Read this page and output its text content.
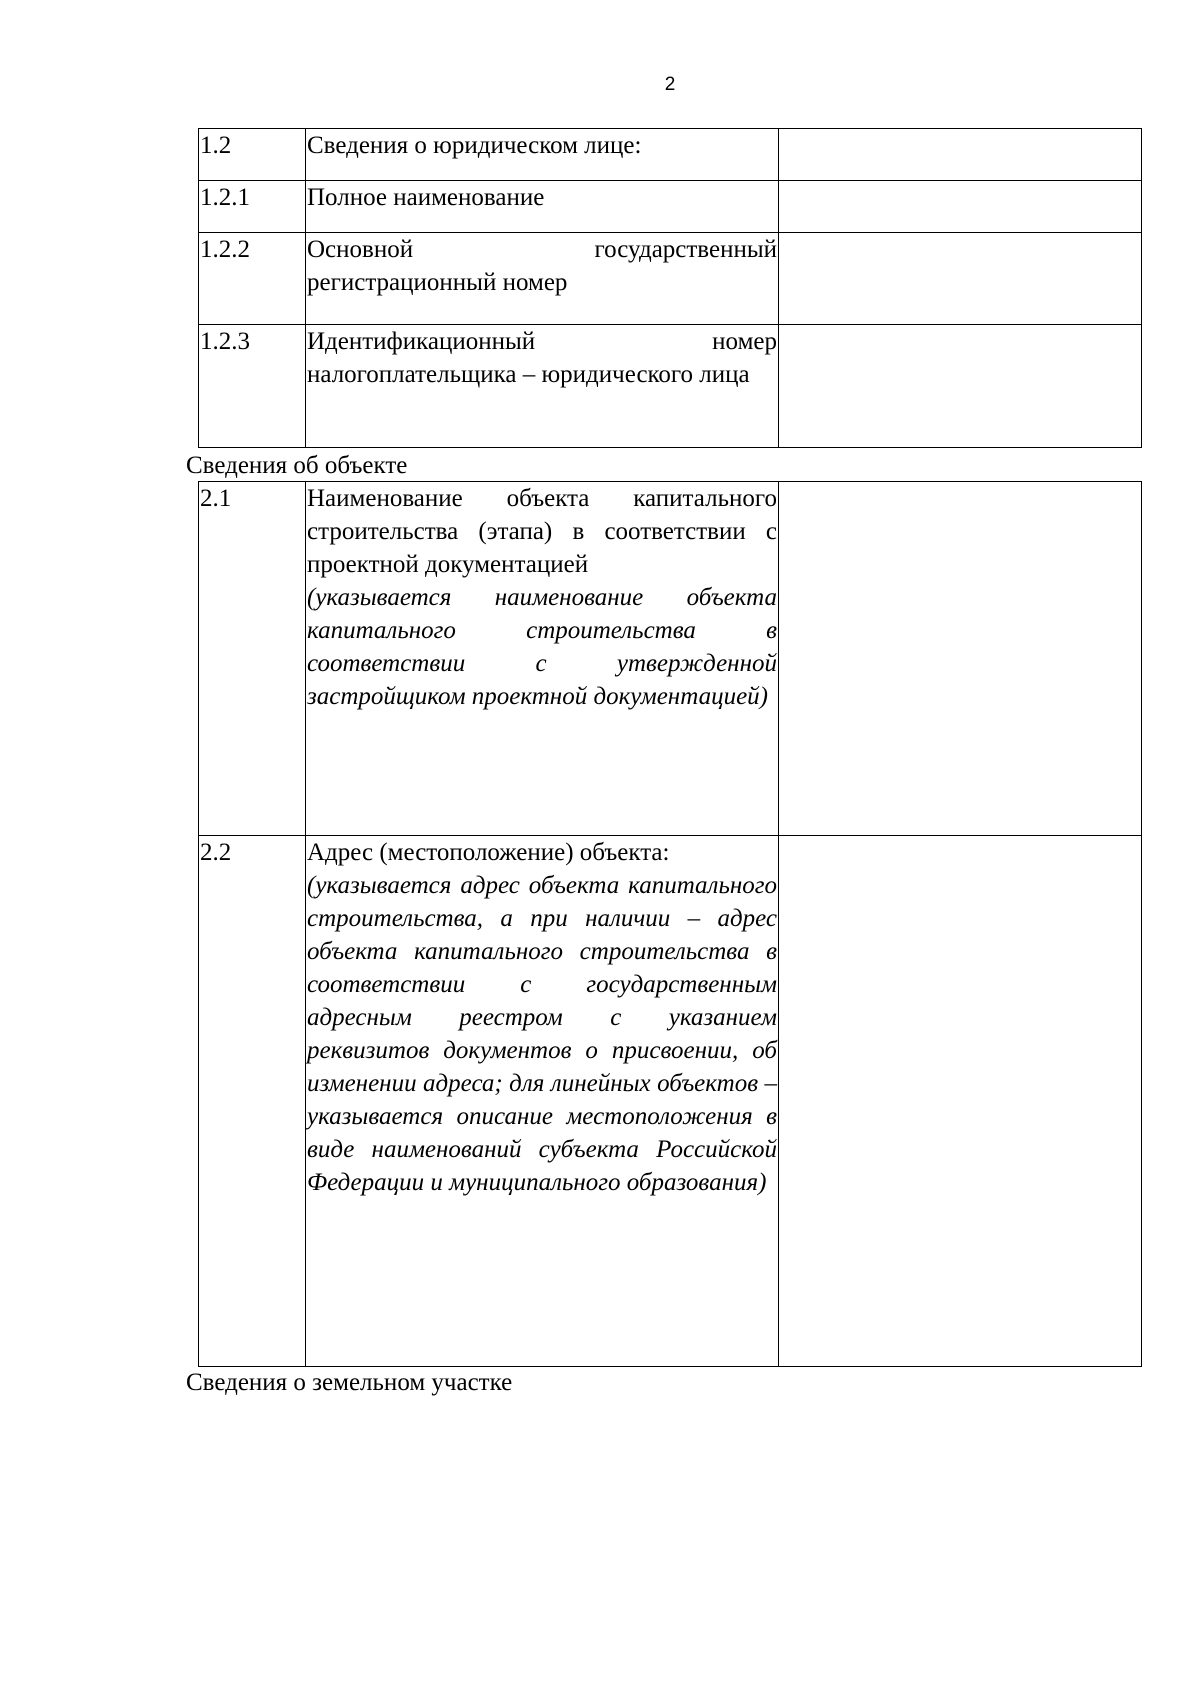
2
1.2	Сведения о юридическом лице:	
1.2.1	Полное наименование	
1.2.2	Основной государственный регистрационный номер	
1.2.3	Идентификационный номер налогоплательщика – юридического лица	
Сведения об объекте
2.1	Наименование объекта капитального строительства (этапа) в соответствии с проектной документацией
(указывается наименование объекта капитального строительства в соответствии с утвержденной застройщиком проектной документацией)	

2.2	Адрес (местоположение) объекта:
(указывается адрес объекта капитального строительства, а при наличии – адрес объекта капитального строительства в соответствии с государственным адресным реестром с указанием реквизитов документов о присвоении, об изменении адреса; для линейных объектов – указывается описание местоположения в виде наименований субъекта Российской Федерации и муниципального образования)	

Сведения о земельном участке
